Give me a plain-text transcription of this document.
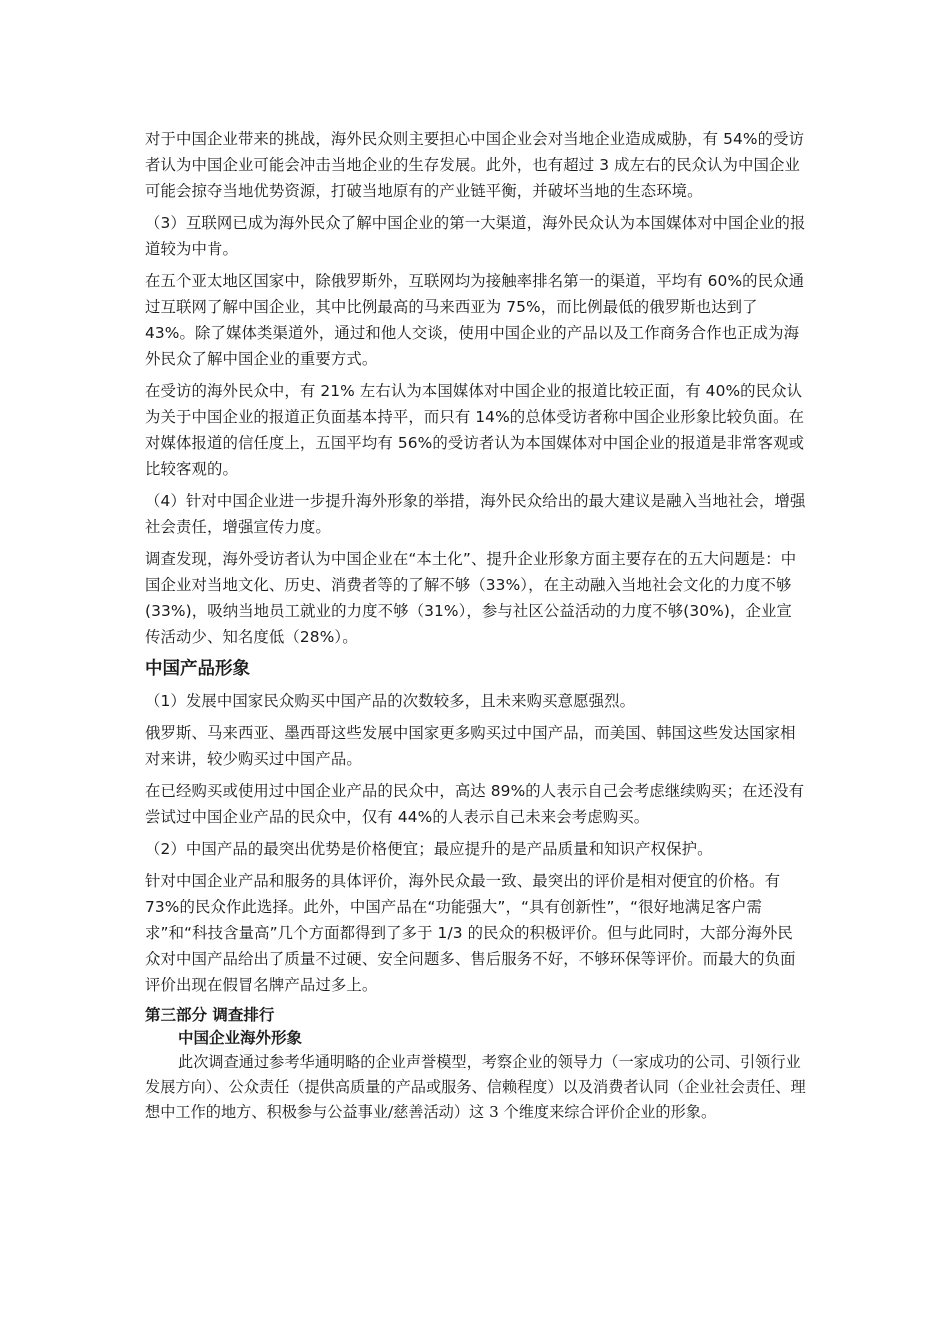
对于中国企业带来的挑战，海外民众则主要担心中国企业会对当地企业造成威胁，有 54%的受访者认为中国企业可能会冲击当地企业的生存发展。此外，也有超过 3 成左右的民众认为中国企业可能会掠夺当地优势资源，打破当地原有的产业链平衡，并破坏当地的生态环境。

（3）互联网已成为海外民众了解中国企业的第一大渠道，海外民众认为本国媒体对中国企业的报道较为中肯。

在五个亚太地区国家中，除俄罗斯外，互联网均为接触率排名第一的渠道，平均有 60%的民众通过互联网了解中国企业，其中比例最高的马来西亚为 75%，而比例最低的俄罗斯也达到了 43%。除了媒体类渠道外，通过和他人交谈，使用中国企业的产品以及工作商务合作也正成为海外民众了解中国企业的重要方式。

在受访的海外民众中，有 21% 左右认为本国媒体对中国企业的报道比较正面，有 40%的民众认为关于中国企业的报道正负面基本持平，而只有 14%的总体受访者称中国企业形象比较负面。在对媒体报道的信任度上，五国平均有 56%的受访者认为本国媒体对中国企业的报道是非常客观或比较客观的。

（4）针对中国企业进一步提升海外形象的举措，海外民众给出的最大建议是融入当地社会，增强社会责任，增强宣传力度。

调查发现，海外受访者认为中国企业在“本土化”、提升企业形象方面主要存在的五大问题是：中国企业对当地文化、历史、消费者等的了解不够（33%），在主动融入当地社会文化的力度不够(33%)，吸纳当地员工就业的力度不够（31%），参与社区公益活动的力度不够(30%)，企业宣传活动少、知名度低（28%）。

中国产品形象

（1）发展中国家民众购买中国产品的次数较多，且未来购买意愿强烈。

俄罗斯、马来西亚、墨西哥这些发展中国家更多购买过中国产品，而美国、韩国这些发达国家相对来讲，较少购买过中国产品。

在已经购买或使用过中国企业产品的民众中，高达 89%的人表示自己会考虑继续购买；在还没有尝试过中国企业产品的民众中，仅有 44%的人表示自己未来会考虑购买。

（2）中国产品的最突出优势是价格便宜；最应提升的是产品质量和知识产权保护。

针对中国企业产品和服务的具体评价，海外民众最一致、最突出的评价是相对便宜的价格。有 73%的民众作此选择。此外，中国产品在“功能强大”，“具有创新性”，“很好地满足客户需求”和“科技含量高”几个方面都得到了多于 1/3 的民众的积极评价。但与此同时，大部分海外民众对中国产品给出了质量不过硬、安全问题多、售后服务不好，不够环保等评价。而最大的负面评价出现在假冒名牌产品过多上。

第三部分 调查排行

中国企业海外形象

此次调查通过参考华通明略的企业声誉模型，考察企业的领导力（一家成功的公司、引领行业发展方向）、公众责任（提供高质量的产品或服务、信赖程度）以及消费者认同（企业社会责任、理想中工作的地方、积极参与公益事业/慈善活动）这 3 个维度来综合评价企业的形象。
